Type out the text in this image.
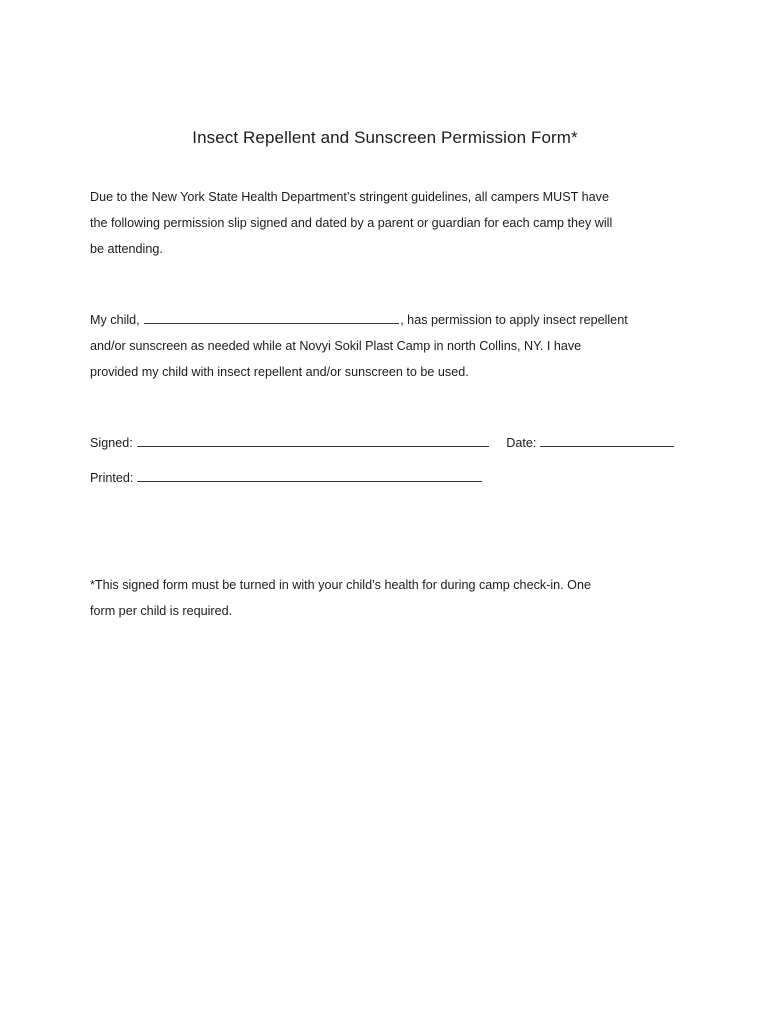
Insect Repellent and Sunscreen Permission Form*
Due to the New York State Health Department’s stringent guidelines, all campers MUST have
the following permission slip signed and dated by a parent or guardian for each camp they will
be attending.
My child,	, has permission to apply insect repellent
and/or sunscreen as needed while at Novyi Sokil Plast Camp in north Collins, NY. I have
provided my child with insect repellent and/or sunscreen to be used.
Signed:	Date:
Printed:
*This signed form must be turned in with your child’s health for during camp check-in. One
form per child is required.
